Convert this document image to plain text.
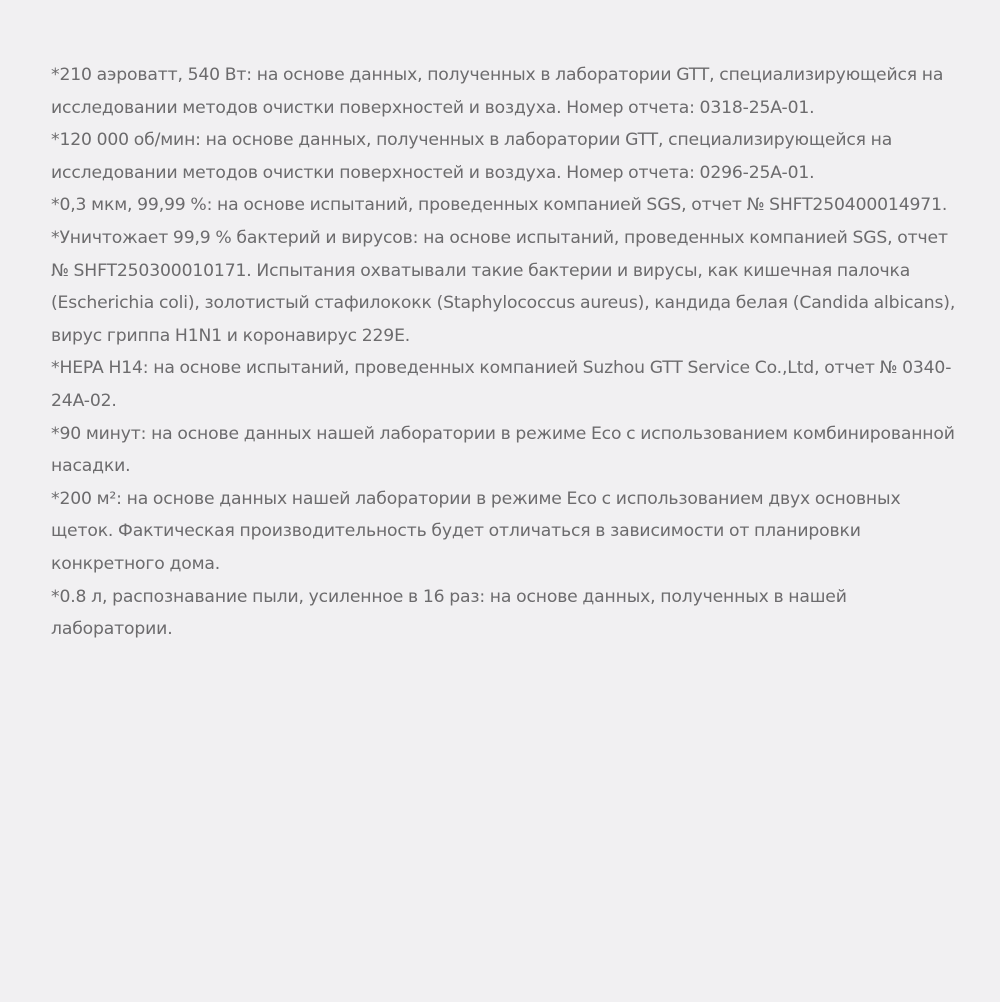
*210 аэроватт, 540 Вт: на основе данных, полученных в лаборатории GTT, специализирующейся на исследовании методов очистки поверхностей и воздуха. Номер отчета: 0318-25A-01.
*120 000 об/мин: на основе данных, полученных в лаборатории GTT, специализирующейся на исследовании методов очистки поверхностей и воздуха. Номер отчета: 0296-25A-01.
*0,3 мкм, 99,99 %: на основе испытаний, проведенных компанией SGS, отчет № SHFT250400014971.
*Уничтожает 99,9 % бактерий и вирусов: на основе испытаний, проведенных компанией SGS, отчет № SHFT250300010171. Испытания охватывали такие бактерии и вирусы, как кишечная палочка (Escherichia coli), золотистый стафилококк (Staphylococcus aureus), кандида белая (Candida albicans), вирус гриппа H1N1 и коронавирус 229E.
*HEPA H14: на основе испытаний, проведенных компанией Suzhou GTT Service Co.,Ltd, отчет № 0340-24A-02.
*90 минут: на основе данных нашей лаборатории в режиме Eco с использованием комбинированной насадки.
*200 м²: на основе данных нашей лаборатории в режиме Eco с использованием двух основных щеток. Фактическая производительность будет отличаться в зависимости от планировки конкретного дома.
*0.8 л, распознавание пыли, усиленное в 16 раз: на основе данных, полученных в нашей лаборатории.
